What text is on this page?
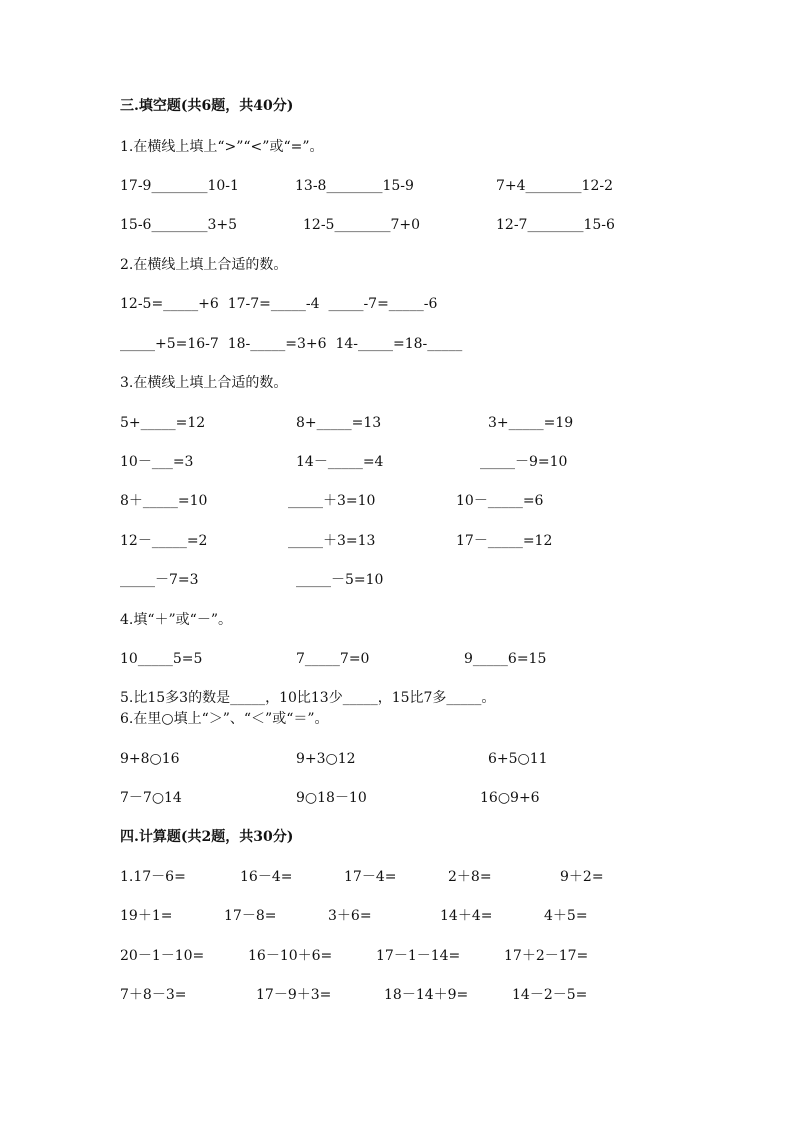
三.填空题(共6题，共40分)
1.在横线上填上“>”“<”或“=”。
17-9________10-1	13-8________15-9	7+4________12-2
15-6________3+5	12-5________7+0	12-7________15-6
2.在横线上填上合适的数。
12-5=_____+6  17-7=_____-4  _____-7=_____-6
_____+5=16-7  18-_____=3+6  14-_____=18-_____
3.在横线上填上合适的数。
5+_____=12	8+_____=13	3+_____=19
10－___=3	14－_____=4	_____－9=10
8＋_____=10	_____＋3=10	10－_____=6
12－_____=2	_____＋3=13	17－_____=12
_____－7=3	_____－5=10
4.填“＋”或“－”。
10_____5=5	7_____7=0	9_____6=15
5.比15多3的数是_____，10比13少_____，15比7多_____。
6.在里○填上“＞”、“＜”或“＝”。
9+8○16	9+3○12	6+5○11
7－7○14	9○18－10	16○9+6
四.计算题(共2题，共30分)
1.17－6=	16－4=	17－4=	2＋8=	9＋2=
19＋1=	17－8=	3＋6=	14＋4=	4＋5=
20－1－10=	16－10＋6=	17－1－14=	17＋2－17=
7＋8－3=	17－9＋3=	18－14＋9=	14－2－5=
